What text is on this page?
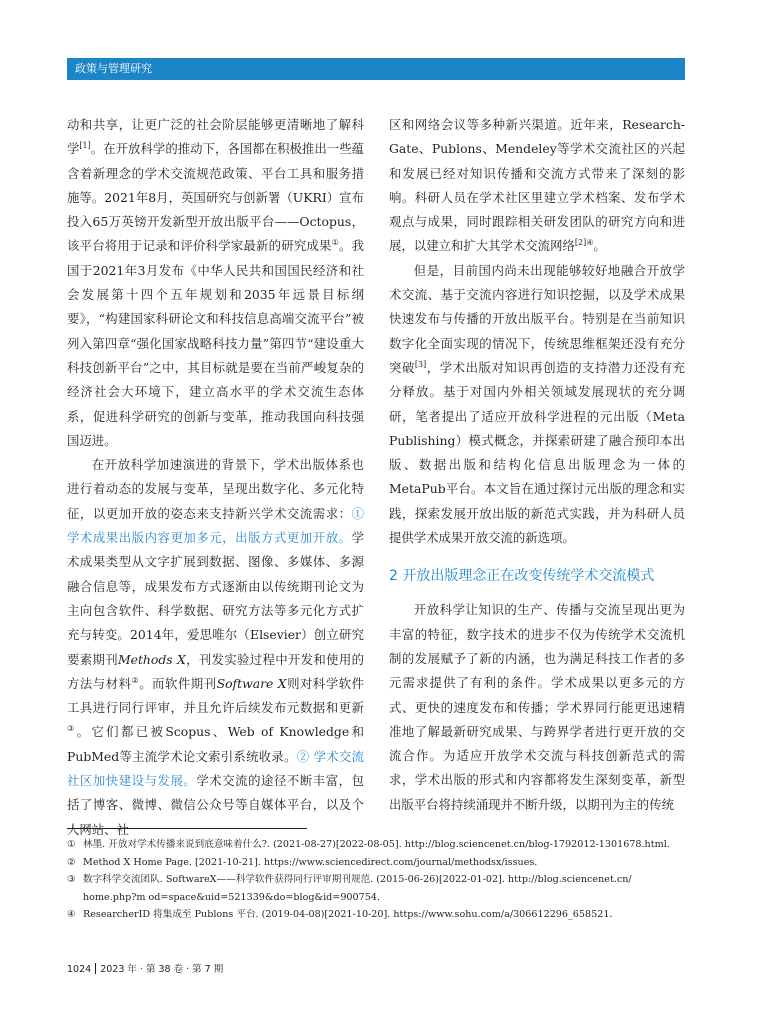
政策与管理研究

动和共享，让更广泛的社会阶层能够更清晰地了解科学[1]。在开放科学的推动下，各国都在积极推出一些蕴含着新理念的学术交流规范政策、平台工具和服务措施等。2021年8月，英国研究与创新署（UKRI）宣布投入65万英镑开发新型开放出版平台——Octopus，该平台将用于记录和评价科学家最新的研究成果①。我国于2021年3月发布《中华人民共和国国民经济和社会发展第十四个五年规划和2035年远景目标纲要》，“构建国家科研论文和科技信息高端交流平台”被列入第四章“强化国家战略科技力量”第四节“建设重大科技创新平台”之中，其目标就是要在当前严峻复杂的经济社会大环境下，建立高水平的学术交流生态体系，促进科学研究的创新与变革，推动我国向科技强国迈进。

在开放科学加速演进的背景下，学术出版体系也进行着动态的发展与变革，呈现出数字化、多元化特征，以更加开放的姿态来支持新兴学术交流需求：① 学术成果出版内容更加多元，出版方式更加开放。学术成果类型从文字扩展到数据、图像、多媒体、多源融合信息等，成果发布方式逐渐由以传统期刊论文为主向包含软件、科学数据、研究方法等多元化方式扩充与转变。2014年，爱思唯尔（Elsevier）创立研究要素期刊Methods X，刊发实验过程中开发和使用的方法与材料②。而软件期刊Software X则对科学软件工具进行同行评审，并且允许后续发布元数据和更新③。它们都已被Scopus、Web of Knowledge和PubMed等主流学术论文索引系统收录。② 学术交流社区加快建设与发展。学术交流的途径不断丰富，包括了博客、微博、微信公众号等自媒体平台，以及个人网站、社

区和网络会议等多种新兴渠道。近年来，Research-Gate、Publons、Mendeley等学术交流社区的兴起和发展已经对知识传播和交流方式带来了深刻的影响。科研人员在学术社区里建立学术档案、发布学术观点与成果，同时跟踪相关研发团队的研究方向和进展，以建立和扩大其学术交流网络$^{[2]④}$。

但是，目前国内尚未出现能够较好地融合开放学术交流、基于交流内容进行知识挖掘，以及学术成果快速发布与传播的开放出版平台。特别是在当前知识数字化全面实现的情况下，传统思维框架还没有充分突破[3]，学术出版对知识再创造的支持潜力还没有充分释放。基于对国内外相关领域发展现状的充分调研，笔者提出了适应开放科学进程的元出版（Meta Publishing）模式概念，并探索研建了融合预印本出版、数据出版和结构化信息出版理念为一体的MetaPub平台。本文旨在通过探讨元出版的理念和实践，探索发展开放出版的新范式实践，并为科研人员提供学术成果开放交流的新选项。

2 开放出版理念正在改变传统学术交流模式

开放科学让知识的生产、传播与交流呈现出更为丰富的特征，数字技术的进步不仅为传统学术交流机制的发展赋予了新的内涵，也为满足科技工作者的多元需求提供了有利的条件。学术成果以更多元的方式、更快的速度发布和传播；学术界同行能更迅速精准地了解最新研究成果、与跨界学者进行更开放的交流合作。为适应开放学术交流与科技创新范式的需求，学术出版的形式和内容都将发生深刻变革，新型出版平台将持续涌现并不断升级，以期刊为主的传统

① 林墨. 开放对学术传播来说到底意味着什么?. (2021-08-27)[2022-08-05]. http://blog.sciencenet.cn/blog-1792012-1301678.html.

② Method X Home Page. [2021-10-21]. https://www.sciencedirect.com/journal/methodsx/issues.

③ 数字科学交流团队. SoftwareX——科学软件获得同行评审期刊规范. (2015-06-26)[2022-01-02]. http://blog.sciencenet.cn/

home.php?m od=space&uid=521339&do=blog&id=900754.

④ ResearcherID 将集成至 Publons 平台. (2019-04-08)[2021-10-20]. https://www.sohu.com/a/306612296_658521.

1024 2023 年 · 第 38 卷 · 第 7 期
